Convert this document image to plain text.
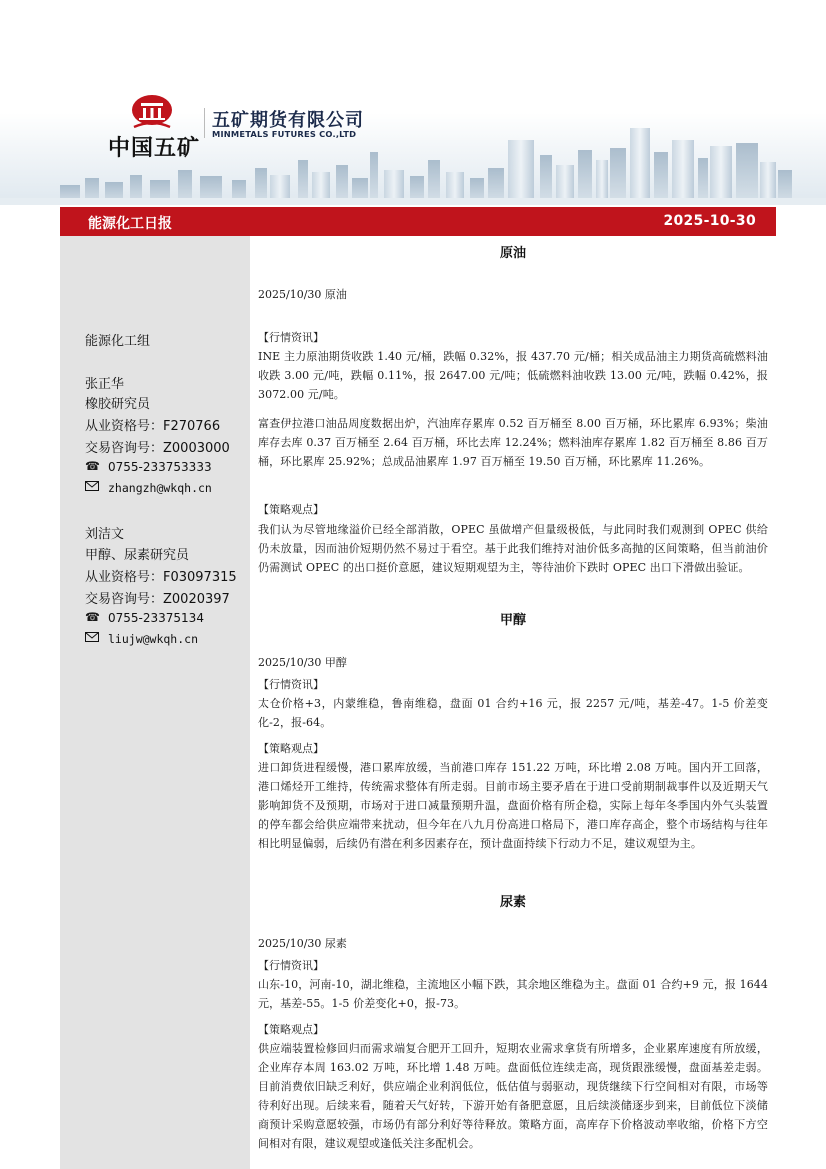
中国五矿
五矿期货有限公司
MINMETALS FUTURES CO.,LTD
能源化工日报	2025-10-30
能源化工组
张正华
橡胶研究员
从业资格号：F270766
交易咨询号：Z0003000
☎ 0755-233753333
zhangzh@wkqh.cn
刘洁文
甲醇、尿素研究员
从业资格号：F03097315
交易咨询号：Z0020397
☎ 0755-23375134
liujw@wkqh.cn
原油
2025/10/30 原油
【行情资讯】

INE 主力原油期货收跌 1.40 元/桶，跌幅 0.32%，报 437.70 元/桶；相关成品油主力期货高硫燃料油收跌 3.00 元/吨，跌幅 0.11%，报 2647.00 元/吨；低硫燃料油收跌 13.00 元/吨，跌幅 0.42%，报 3072.00 元/吨。

富查伊拉港口油品周度数据出炉，汽油库存累库 0.52 百万桶至 8.00 百万桶，环比累库 6.93%；柴油库存去库 0.37 百万桶至 2.64 百万桶，环比去库 12.24%；燃料油库存累库 1.82 百万桶至 8.86 百万桶，环比累库 25.92%；总成品油累库 1.97 百万桶至 19.50 百万桶，环比累库 11.26%。

【策略观点】

我们认为尽管地缘溢价已经全部消散，OPEC 虽做增产但量级极低，与此同时我们观测到 OPEC 供给仍未放量，因而油价短期仍然不易过于看空。基于此我们维持对油价低多高抛的区间策略，但当前油价仍需测试 OPEC 的出口挺价意愿，建议短期观望为主，等待油价下跌时 OPEC 出口下滑做出验证。

甲醇
2025/10/30 甲醇
【行情资讯】

太仓价格+3，内蒙维稳，鲁南维稳，盘面 01 合约+16 元，报 2257 元/吨，基差-47。1-5 价差变化-2，报-64。

【策略观点】

进口卸货进程缓慢，港口累库放缓，当前港口库存 151.22 万吨，环比增 2.08 万吨。国内开工回落，港口烯烃开工维持，传统需求整体有所走弱。目前市场主要矛盾在于进口受前期制裁事件以及近期天气影响卸货不及预期，市场对于进口减量预期升温，盘面价格有所企稳，实际上每年冬季国内外气头装置的停车都会给供应端带来扰动，但今年在八九月份高进口格局下，港口库存高企，整个市场结构与往年相比明显偏弱，后续仍有潜在利多因素存在，预计盘面持续下行动力不足，建议观望为主。

尿素
2025/10/30 尿素
【行情资讯】

山东-10，河南-10，湖北维稳，主流地区小幅下跌，其余地区维稳为主。盘面 01 合约+9 元，报 1644 元，基差-55。1-5 价差变化+0，报-73。

【策略观点】

供应端装置检修回归而需求端复合肥开工回升，短期农业需求拿货有所增多，企业累库速度有所放缓，企业库存本周 163.02 万吨，环比增 1.48 万吨。盘面低位连续走高，现货跟涨缓慢，盘面基差走弱。目前消费依旧缺乏利好，供应端企业利润低位，低估值与弱驱动，现货继续下行空间相对有限，市场等待利好出现。后续来看，随着天气好转，下游开始有备肥意愿，且后续淡储逐步到来，目前低位下淡储商预计采购意愿较强，市场仍有部分利好等待释放。策略方面，高库存下价格波动率收缩，价格下方空间相对有限，建议观望或逢低关注多配机会。
